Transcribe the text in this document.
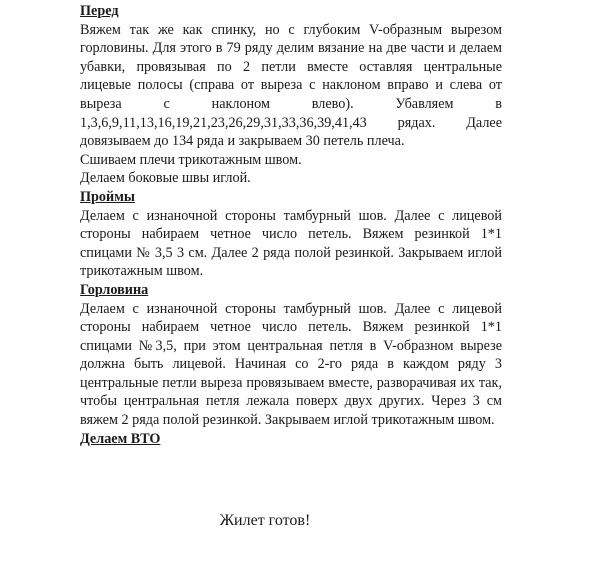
Перед

Вяжем так же как спинку, но с глубоким V-образным вырезом горловины. Для этого в 79 ряду делим вязание на две части и делаем убавки, провязывая по 2 петли вместе оставляя центральные лицевые полосы (справа от выреза с наклоном вправо и слева от выреза с наклоном влево). Убавляем в 1,3,6,9,11,13,16,19,21,23,26,29,31,33,36,39,41,43 рядах. Далее довязываем до 134 ряда и закрываем 30 петель плеча.

Сшиваем плечи трикотажным швом.
Делаем боковые швы иглой.
Проймы

Делаем с изнаночной стороны тамбурный шов. Далее с лицевой стороны набираем четное число петель. Вяжем резинкой 1*1 спицами № 3,5 3 см. Далее 2 ряда полой резинкой. Закрываем иглой трикотажным швом.

Горловина

Делаем с изнаночной стороны тамбурный шов. Далее с лицевой стороны набираем четное число петель. Вяжем резинкой 1*1 спицами №3,5, при этом центральная петля в V-образном вырезе должна быть лицевой. Начиная со 2-го ряда в каждом ряду 3 центральные петли выреза провязываем вместе, разворачивая их так, чтобы центральная петля лежала поверх двух других. Через 3 см вяжем 2 ряда полой резинкой. Закрываем иглой трикотажным швом.

Делаем ВТО
Жилет готов!
